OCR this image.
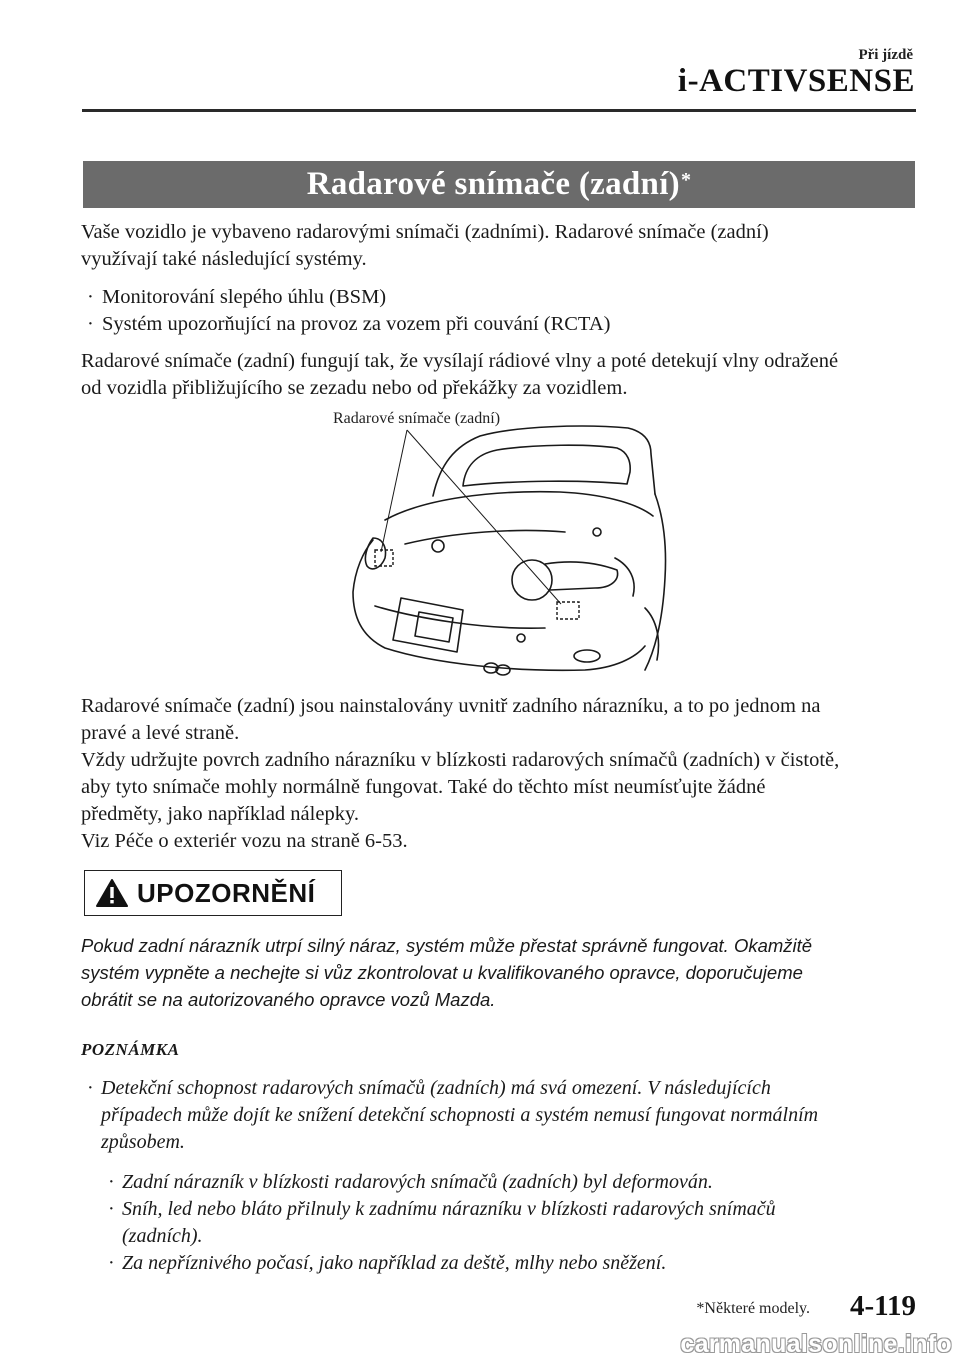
Při jízdě
i-ACTIVSENSE
Radarové snímače (zadní)*
Vaše vozidlo je vybaveno radarovými snímači (zadními). Radarové snímače (zadní)
využívají také následující systémy.
· Monitorování slepého úhlu (BSM)
· Systém upozorňující na provoz za vozem při couvání (RCTA)
Radarové snímače (zadní) fungují tak, že vysílají rádiové vlny a poté detekují vlny odražené
od vozidla přibližujícího se zezadu nebo od překážky za vozidlem.
Radarové snímače (zadní)
Radarové snímače (zadní) jsou nainstalovány uvnitř zadního nárazníku, a to po jednom na
pravé a levé straně.
Vždy udržujte povrch zadního nárazníku v blízkosti radarových snímačů (zadních) v čistotě,
aby tyto snímače mohly normálně fungovat. Také do těchto míst neumísťujte žádné
předměty, jako například nálepky.
Viz Péče o exteriér vozu na straně 6-53.
UPOZORNĚNÍ
Pokud zadní nárazník utrpí silný náraz, systém může přestat správně fungovat. Okamžitě
systém vypněte a nechejte si vůz zkontrolovat u kvalifikovaného opravce, doporučujeme
obrátit se na autorizovaného opravce vozů Mazda.
POZNÁMKA
· Detekční schopnost radarových snímačů (zadních) má svá omezení. V následujících
případech může dojít ke snížení detekční schopnosti a systém nemusí fungovat normálním
způsobem.
· Zadní nárazník v blízkosti radarových snímačů (zadních) byl deformován.
· Sníh, led nebo bláto přilnuly k zadnímu nárazníku v blízkosti radarových snímačů
(zadních).
· Za nepříznivého počasí, jako například za deště, mlhy nebo sněžení.
*Některé modely. 4-119
carmanualsonline.info
